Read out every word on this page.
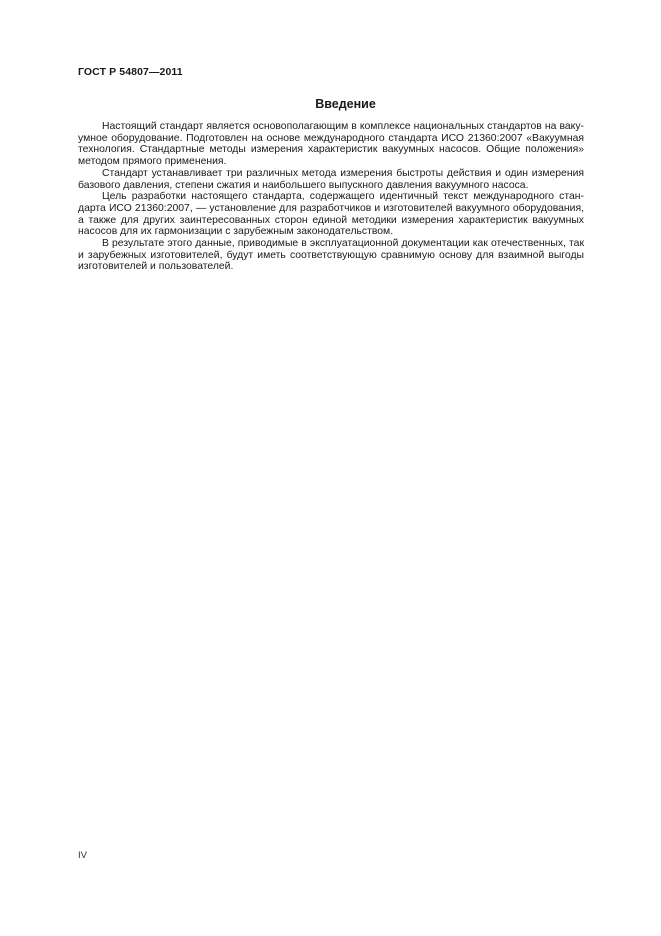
ГОСТ Р 54807—2011
Введение
Настоящий стандарт является основополагающим в комплексе национальных стандартов на ваку-
умное оборудование. Подготовлен на основе международного стандарта ИСО 21360:2007 «Вакуумная
технология. Стандартные методы измерения характеристик вакуумных насосов. Общие положения»
методом прямого применения.
Стандарт устанавливает три различных метода измерения быстроты действия и один измерения
базового давления, степени сжатия и наибольшего выпускного давления вакуумного насоса.
Цель разработки настоящего стандарта, содержащего идентичный текст международного стан-
дарта ИСО 21360:2007, — установление для разработчиков и изготовителей вакуумного оборудования,
а также для других заинтересованных сторон единой методики измерения характеристик вакуумных
насосов для их гармонизации с зарубежным законодательством.
В результате этого данные, приводимые в эксплуатационной документации как отечественных, так
и зарубежных изготовителей, будут иметь соответствующую сравнимую основу для взаимной выгоды
изготовителей и пользователей.
IV
